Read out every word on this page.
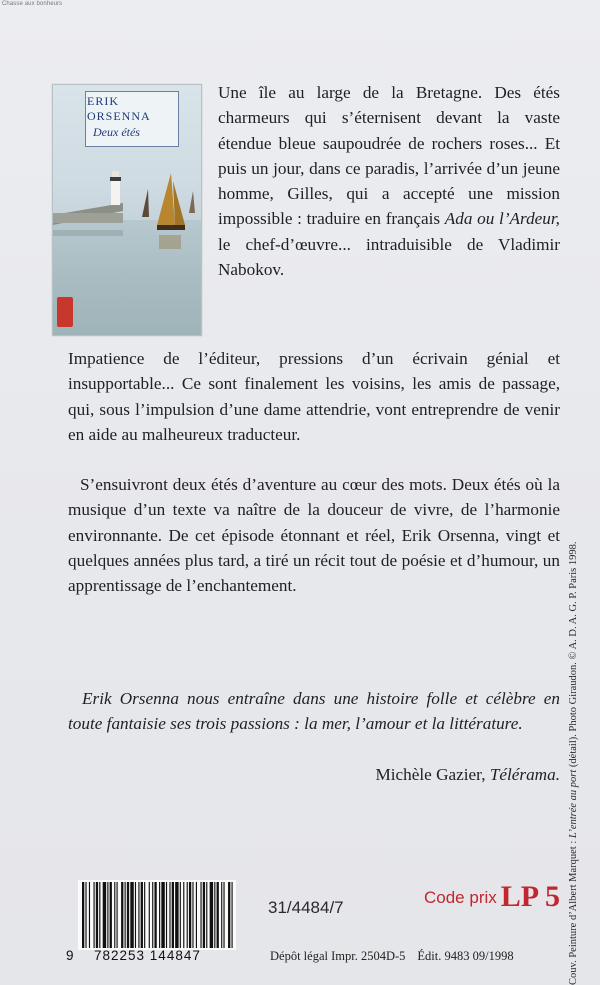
Chasse aux bonheurs
ERIK ORSENNA
Deux étés
Une île au large de la Bretagne. Des étés charmeurs qui s’éternisent devant la vaste étendue bleue saupoudrée de rochers roses... Et puis un jour, dans ce paradis, l’arrivée d’un jeune homme, Gilles, qui a accepté une mission impossible : traduire en français Ada ou l’Ardeur, le chef-d’œuvre... intraduisible de Vladimir Nabokov.
Impatience de l’éditeur, pressions d’un écrivain génial et insupportable... Ce sont finalement les voisins, les amis de passage, qui, sous l’impulsion d’une dame attendrie, vont entreprendre de venir en aide au malheureux traducteur.
S’ensuivront deux étés d’aventure au cœur des mots. Deux étés où la musique d’un texte va naître de la douceur de vivre, de l’harmonie environnante. De cet épisode étonnant et réel, Erik Orsenna, vingt et quelques années plus tard, a tiré un récit tout de poésie et d’humour, un apprentissage de l’enchantement.
Erik Orsenna nous entraîne dans une histoire folle et célèbre en toute fantaisie ses trois passions : la mer, l’amour et la littérature.
Michèle Gazier, Télérama.
Couv. Peinture d’Albert Marquet : L’entrée au port (détail). Photo Giraudon. © A. D. A. G. P. Paris 1998.
9 782253 144847
31/4484/7
Code prix LP 5
Dépôt légal Impr. 2504D-5 Édit. 9483 09/1998
